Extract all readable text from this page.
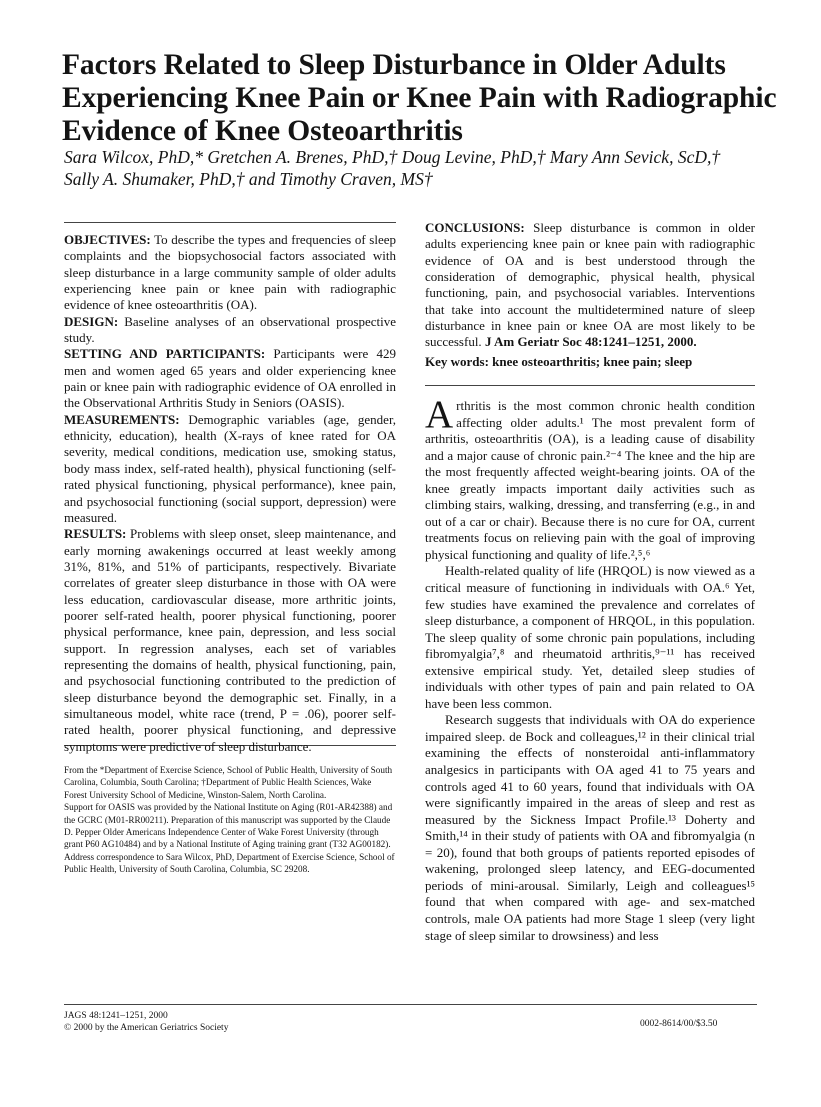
Factors Related to Sleep Disturbance in Older Adults Experiencing Knee Pain or Knee Pain with Radiographic Evidence of Knee Osteoarthritis
Sara Wilcox, PhD,* Gretchen A. Brenes, PhD,† Doug Levine, PhD,† Mary Ann Sevick, ScD,†
Sally A. Shumaker, PhD,† and Timothy Craven, MS†

OBJECTIVES: To describe the types and frequencies of sleep complaints and the biopsychosocial factors associated with sleep disturbance in a large community sample of older adults experiencing knee pain or knee pain with radiographic evidence of knee osteoarthritis (OA).

DESIGN: Baseline analyses of an observational prospective study.

SETTING AND PARTICIPANTS: Participants were 429 men and women aged 65 years and older experiencing knee pain or knee pain with radiographic evidence of OA enrolled in the Observational Arthritis Study in Seniors (OASIS).

MEASUREMENTS: Demographic variables (age, gender, ethnicity, education), health (X-rays of knee rated for OA severity, medical conditions, medication use, smoking status, body mass index, self-rated health), physical functioning (self-rated physical functioning, physical performance), knee pain, and psychosocial functioning (social support, depression) were measured.

RESULTS: Problems with sleep onset, sleep maintenance, and early morning awakenings occurred at least weekly among 31%, 81%, and 51% of participants, respectively. Bivariate correlates of greater sleep disturbance in those with OA were less education, cardiovascular disease, more arthritic joints, poorer self-rated health, poorer physical functioning, poorer physical performance, knee pain, depression, and less social support. In regression analyses, each set of variables representing the domains of health, physical functioning, pain, and psychosocial functioning contributed to the prediction of sleep disturbance beyond the demographic set. Finally, in a simultaneous model, white race (trend, P = .06), poorer self-rated health, poorer physical functioning, and depressive symptoms were predictive of sleep disturbance.

CONCLUSIONS: Sleep disturbance is common in older adults experiencing knee pain or knee pain with radiographic evidence of OA and is best understood through the consideration of demographic, physical health, physical functioning, pain, and psychosocial variables. Interventions that take into account the multidetermined nature of sleep disturbance in knee pain or knee OA are most likely to be successful. J Am Geriatr Soc 48:1241–1251, 2000.

Key words: knee osteoarthritis; knee pain; sleep

From the *Department of Exercise Science, School of Public Health, University of South Carolina, Columbia, South Carolina; †Department of Public Health Sciences, Wake Forest University School of Medicine, Winston-Salem, North Carolina.

Support for OASIS was provided by the National Institute on Aging (R01-AR42388) and the GCRC (M01-RR00211). Preparation of this manuscript was supported by the Claude D. Pepper Older Americans Independence Center of Wake Forest University (through grant P60 AG10484) and by a National Institute of Aging training grant (T32 AG00182).

Address correspondence to Sara Wilcox, PhD, Department of Exercise Science, School of Public Health, University of South Carolina, Columbia, SC 29208.

Arthritis is the most common chronic health condition affecting older adults.¹ The most prevalent form of arthritis, osteoarthritis (OA), is a leading cause of disability and a major cause of chronic pain.²⁻⁴ The knee and the hip are the most frequently affected weight-bearing joints. OA of the knee greatly impacts important daily activities such as climbing stairs, walking, dressing, and transferring (e.g., in and out of a car or chair). Because there is no cure for OA, current treatments focus on relieving pain with the goal of improving physical functioning and quality of life.²,⁵,⁶

Health-related quality of life (HRQOL) is now viewed as a critical measure of functioning in individuals with OA.⁶ Yet, few studies have examined the prevalence and correlates of sleep disturbance, a component of HRQOL, in this population. The sleep quality of some chronic pain populations, including fibromyalgia⁷,⁸ and rheumatoid arthritis,⁹⁻¹¹ has received extensive empirical study. Yet, detailed sleep studies of individuals with other types of pain and pain related to OA have been less common.

Research suggests that individuals with OA do experience impaired sleep. de Bock and colleagues,¹² in their clinical trial examining the effects of nonsteroidal anti-inflammatory analgesics in participants with OA aged 41 to 75 years and controls aged 41 to 60 years, found that individuals with OA were significantly impaired in the areas of sleep and rest as measured by the Sickness Impact Profile.¹³ Doherty and Smith,¹⁴ in their study of patients with OA and fibromyalgia (n = 20), found that both groups of patients reported episodes of wakening, prolonged sleep latency, and EEG-documented periods of mini-arousal. Similarly, Leigh and colleagues¹⁵ found that when compared with age- and sex-matched controls, male OA patients had more Stage 1 sleep (very light stage of sleep similar to drowsiness) and less

JAGS 48:1241–1251, 2000
© 2000 by the American Geriatrics Society	0002-8614/00/$3.50
